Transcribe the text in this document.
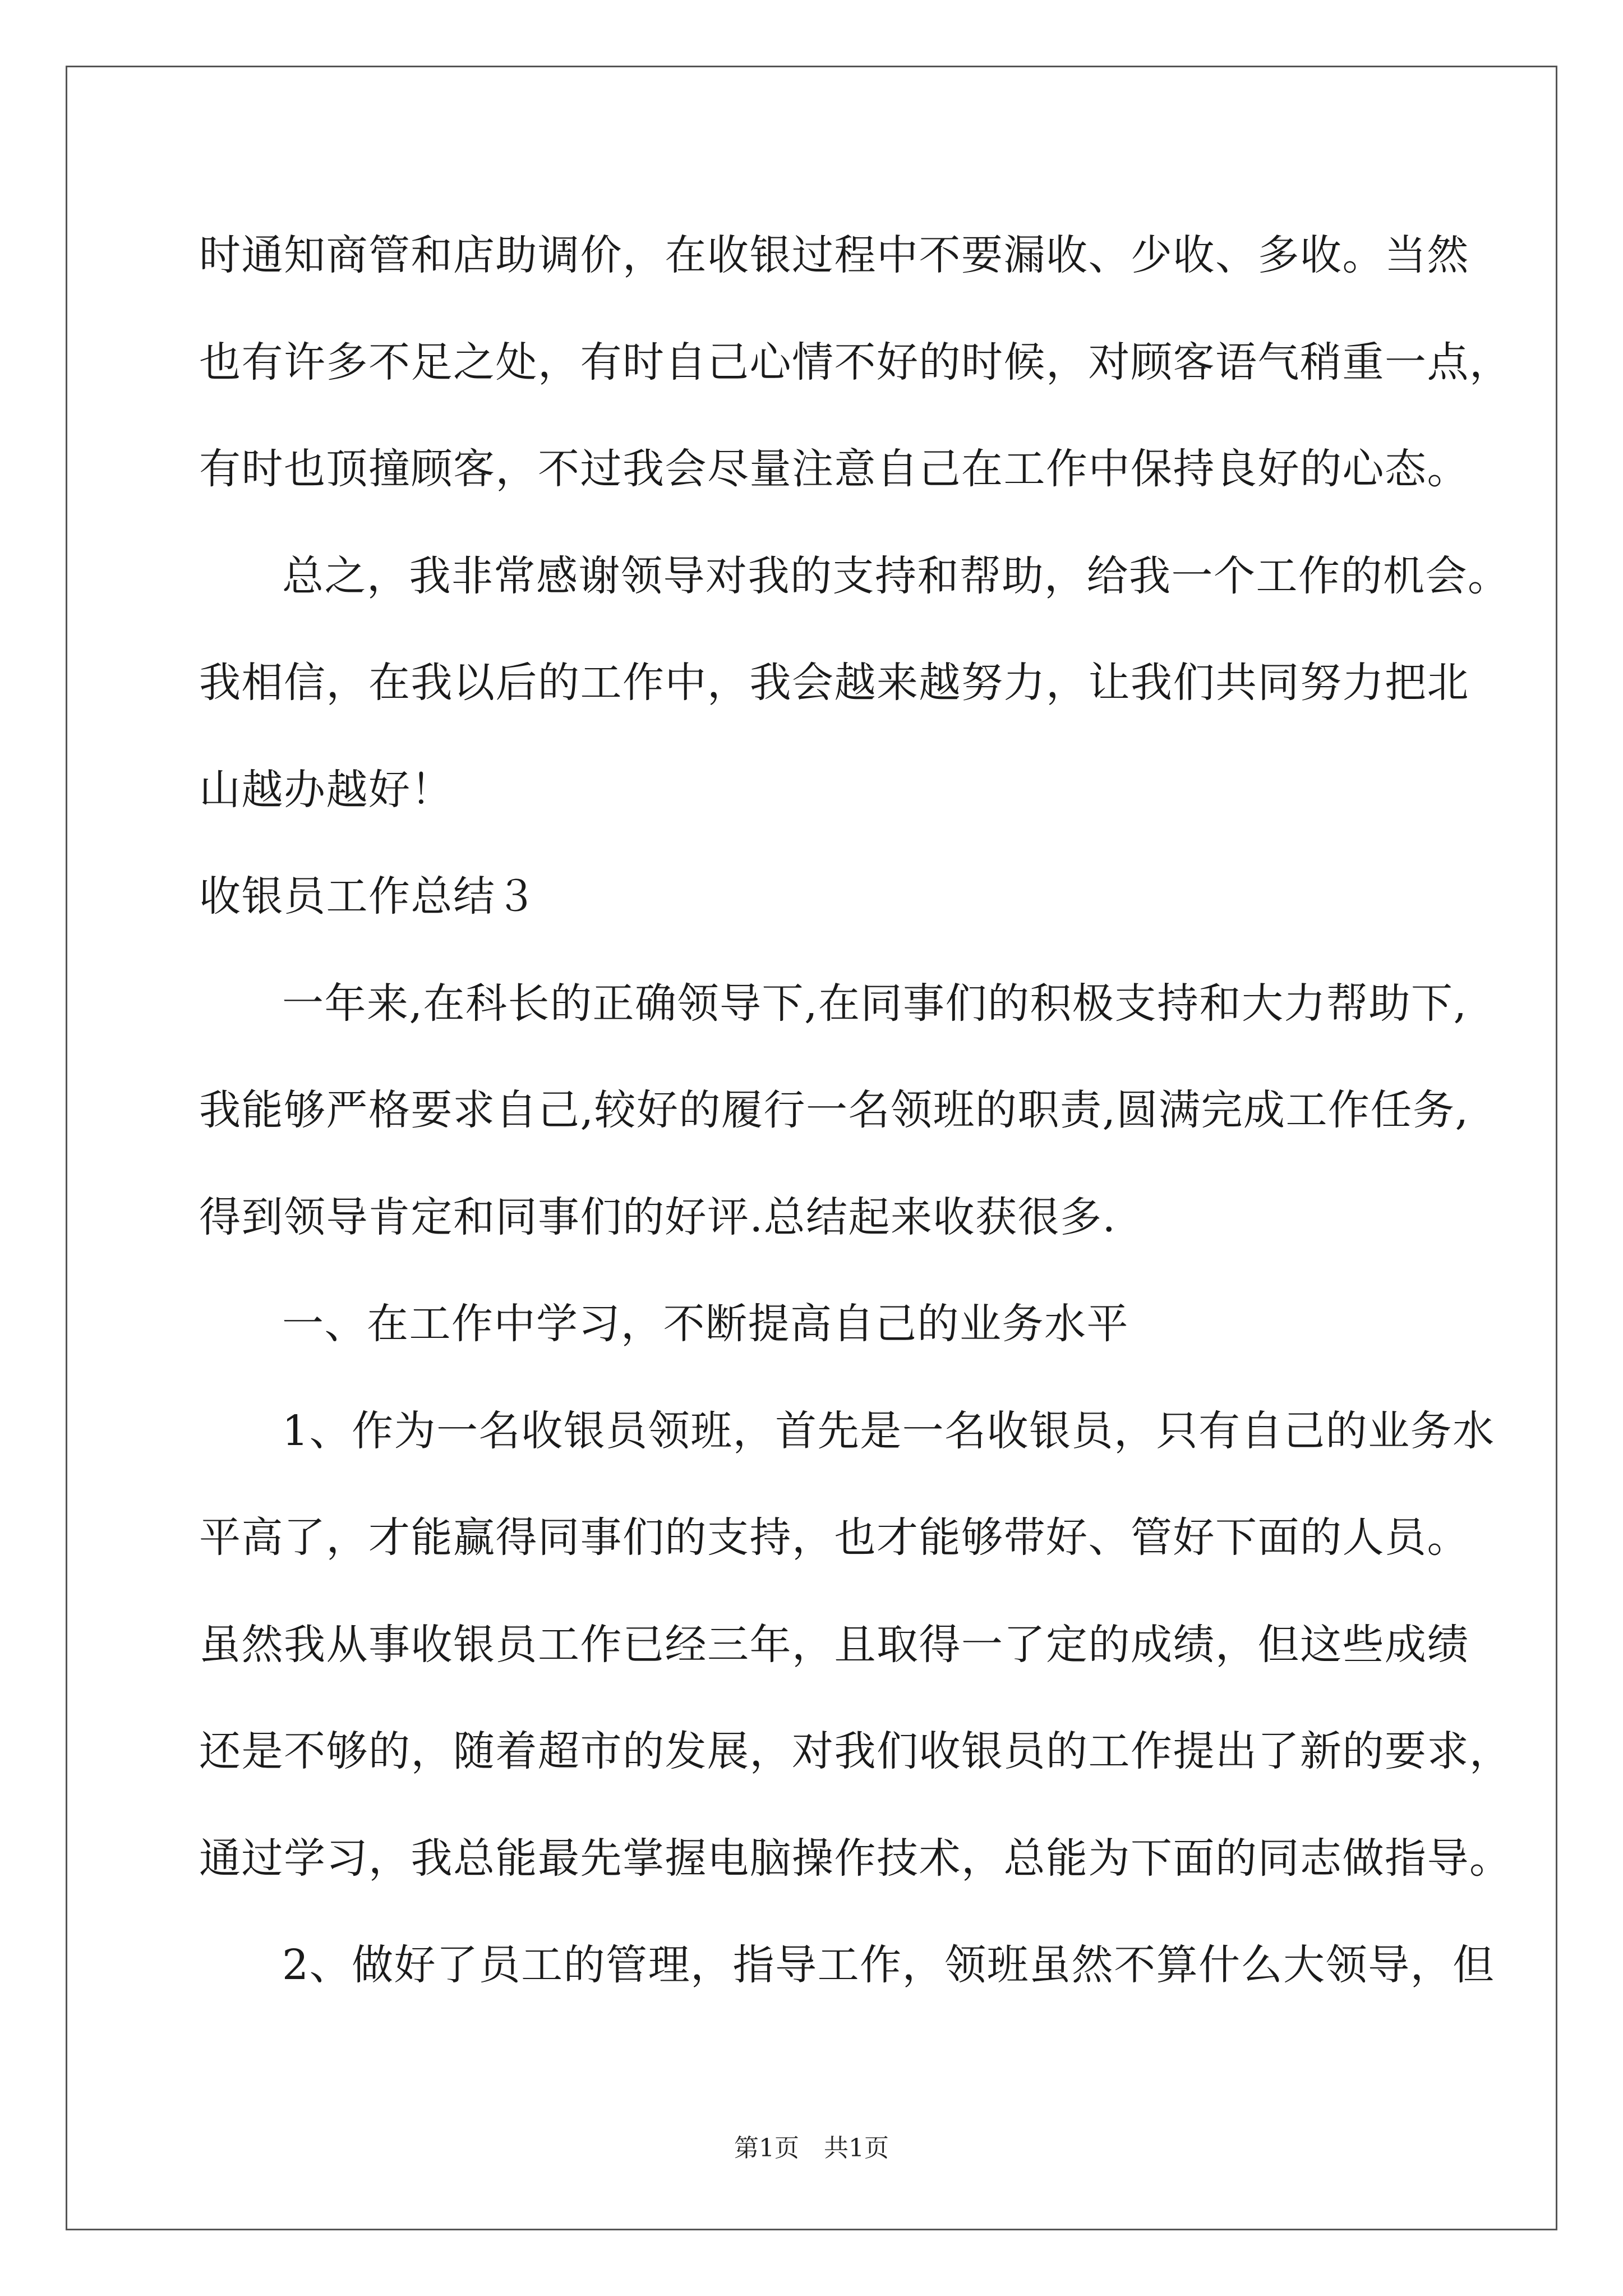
时通知商管和店助调价，在收银过程中不要漏收、少收、多收。当然
也有许多不足之处，有时自己心情不好的时候，对顾客语气稍重一点，
有时也顶撞顾客，不过我会尽量注意自己在工作中保持良好的心态。
总之，我非常感谢领导对我的支持和帮助，给我一个工作的机会。
我相信，在我以后的工作中，我会越来越努力，让我们共同努力把北
山越办越好！
收银员工作总结３
一年来,在科长的正确领导下,在同事们的积极支持和大力帮助下,
我能够严格要求自己,较好的履行一名领班的职责,圆满完成工作任务,
得到领导肯定和同事们的好评.总结起来收获很多.
一、在工作中学习，不断提高自己的业务水平
1、作为一名收银员领班，首先是一名收银员，只有自己的业务水
平高了，才能赢得同事们的支持，也才能够带好、管好下面的人员。
虽然我从事收银员工作已经三年，且取得一了定的成绩，但这些成绩
还是不够的，随着超市的发展，对我们收银员的工作提出了新的要求，
通过学习，我总能最先掌握电脑操作技术，总能为下面的同志做指导。
2、做好了员工的管理，指导工作，领班虽然不算什么大领导，但
第1页　共1页
